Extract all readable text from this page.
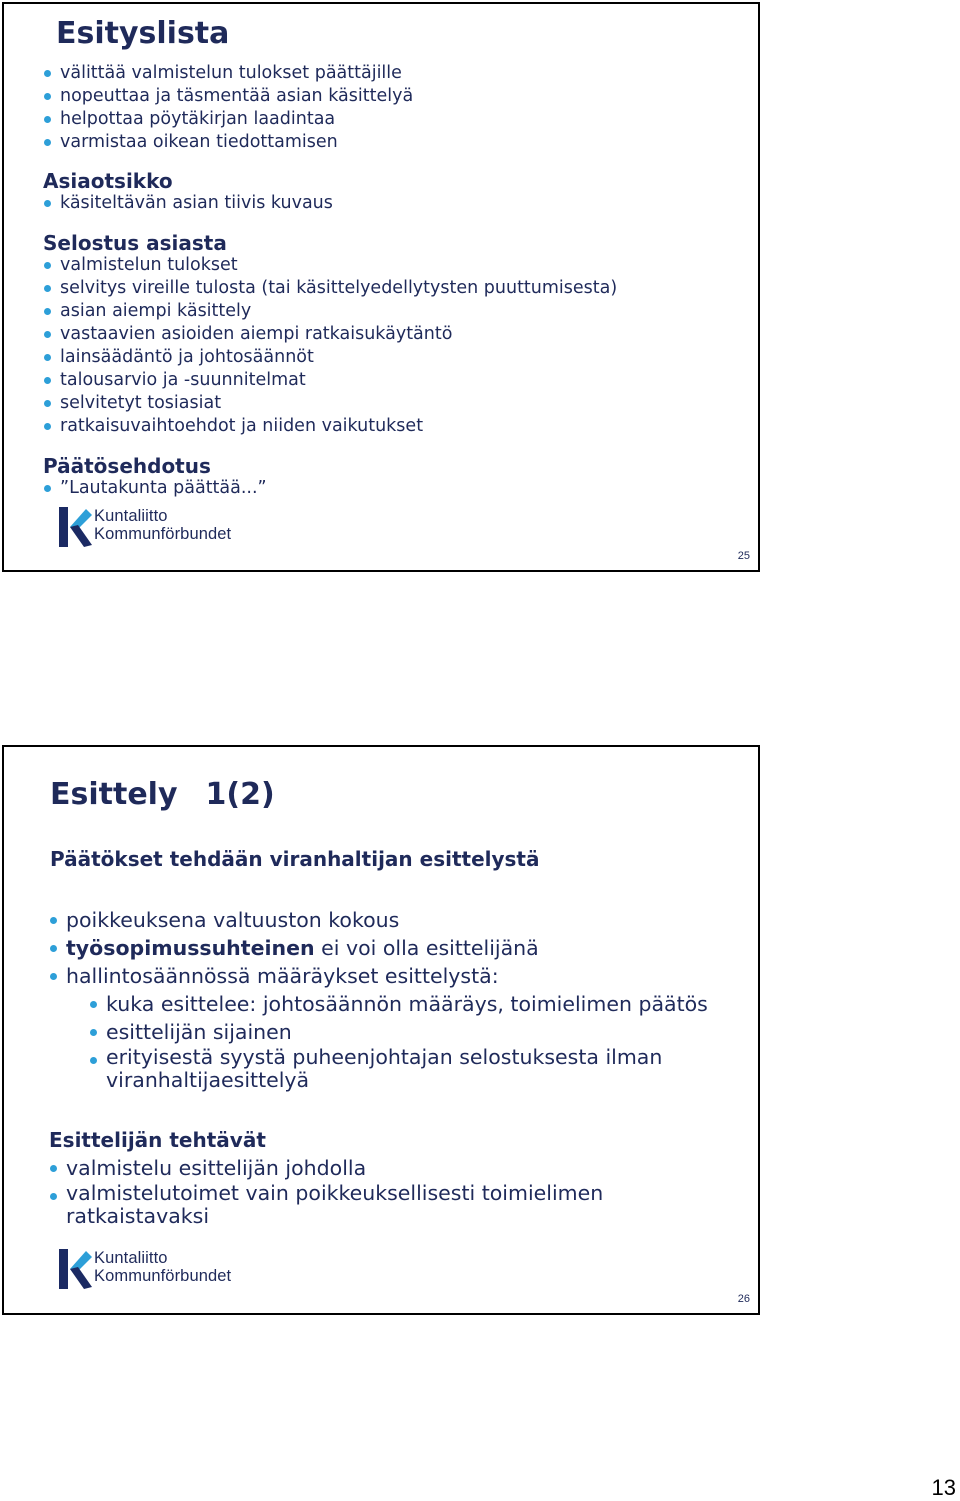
Esityslista
välittää valmistelun tulokset päättäjille
nopeuttaa ja täsmentää asian käsittelyä
helpottaa pöytäkirjan laadintaa
varmistaa oikean tiedottamisen
Asiaotsikko
käsiteltävän asian tiivis kuvaus
Selostus asiasta
valmistelun tulokset
selvitys vireille tulosta (tai käsittelyedellytysten puuttumisesta)
asian aiempi käsittely
vastaavien asioiden aiempi ratkaisukäytäntö
lainsäädäntö ja johtosäännöt
talousarvio ja -suunnitelmat
selvitetyt tosiasiat
ratkaisuvaihtoehdot ja niiden vaikutukset
Päätösehdotus
”Lautakunta päättää...”
Kuntaliitto
Kommunförbundet
25
Esittely 1(2)
Päätökset tehdään viranhaltijan esittelystä
poikkeuksena valtuuston kokous
työsopimussuhteinen ei voi olla esittelijänä
hallintosäännössä määräykset esittelystä:
kuka esittelee: johtosäännön määräys, toimielimen päätös
esittelijän sijainen
erityisestä syystä puheenjohtajan selostuksesta ilman viranhaltijaesittelyä
Esittelijän tehtävät
valmistelu esittelijän johdolla
valmistelutoimet vain poikkeuksellisesti toimielimen ratkaistavaksi
Kuntaliitto
Kommunförbundet
26
13
